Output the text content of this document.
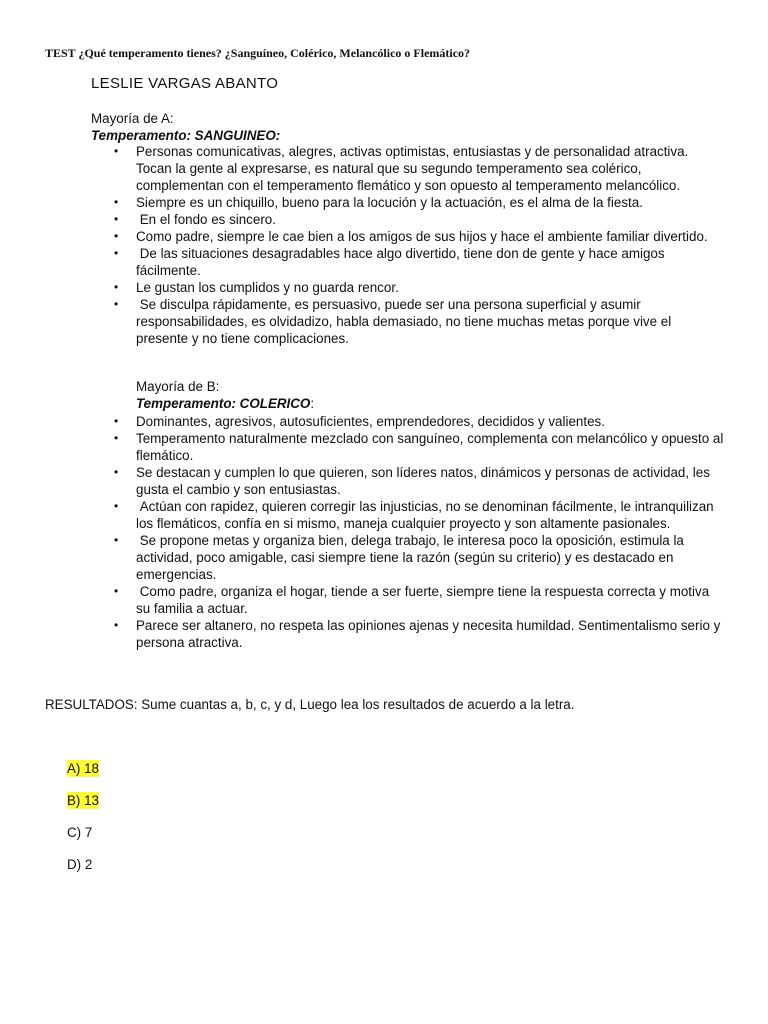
TEST ¿Qué temperamento tienes? ¿Sanguíneo, Colérico, Melancólico o Flemático?
LESLIE VARGAS ABANTO
Mayoría de A:
Temperamento: SANGUINEO:
• Personas comunicativas, alegres, activas optimistas, entusiastas y de personalidad atractiva. Tocan la gente al expresarse, es natural que su segundo temperamento sea colérico, complementan con el temperamento flemático y son opuesto al temperamento melancólico.
• Siempre es un chiquillo, bueno para la locución y la actuación, es el alma de la fiesta.
• En el fondo es sincero.
• Como padre, siempre le cae bien a los amigos de sus hijos y hace el ambiente familiar divertido.
• De las situaciones desagradables hace algo divertido, tiene don de gente y hace amigos fácilmente.
• Le gustan los cumplidos y no guarda rencor.
• Se disculpa rápidamente, es persuasivo, puede ser una persona superficial y asumir responsabilidades, es olvidadizo, habla demasiado, no tiene muchas metas porque vive el presente y no tiene complicaciones.
Mayoría de B:
Temperamento: COLERICO:
• Dominantes, agresivos, autosuficientes, emprendedores, decididos y valientes.
• Temperamento naturalmente mezclado con sanguíneo, complementa con melancólico y opuesto al flemático.
• Se destacan y cumplen lo que quieren, son líderes natos, dinámicos y personas de actividad, les gusta el cambio y son entusiastas.
• Actúan con rapidez, quieren corregir las injusticias, no se denominan fácilmente, le intranquilizan los flemáticos, confía en si mismo, maneja cualquier proyecto y son altamente pasionales.
• Se propone metas y organiza bien, delega trabajo, le interesa poco la oposición, estimula la actividad, poco amigable, casi siempre tiene la razón (según su criterio) y es destacado en emergencias.
• Como padre, organiza el hogar, tiende a ser fuerte, siempre tiene la respuesta correcta y motiva su familia a actuar.
• Parece ser altanero, no respeta las opiniones ajenas y necesita humildad. Sentimentalismo serio y persona atractiva.
RESULTADOS: Sume cuantas a, b, c, y d, Luego lea los resultados de acuerdo a la letra.
A) 18
B) 13
C) 7
D) 2
